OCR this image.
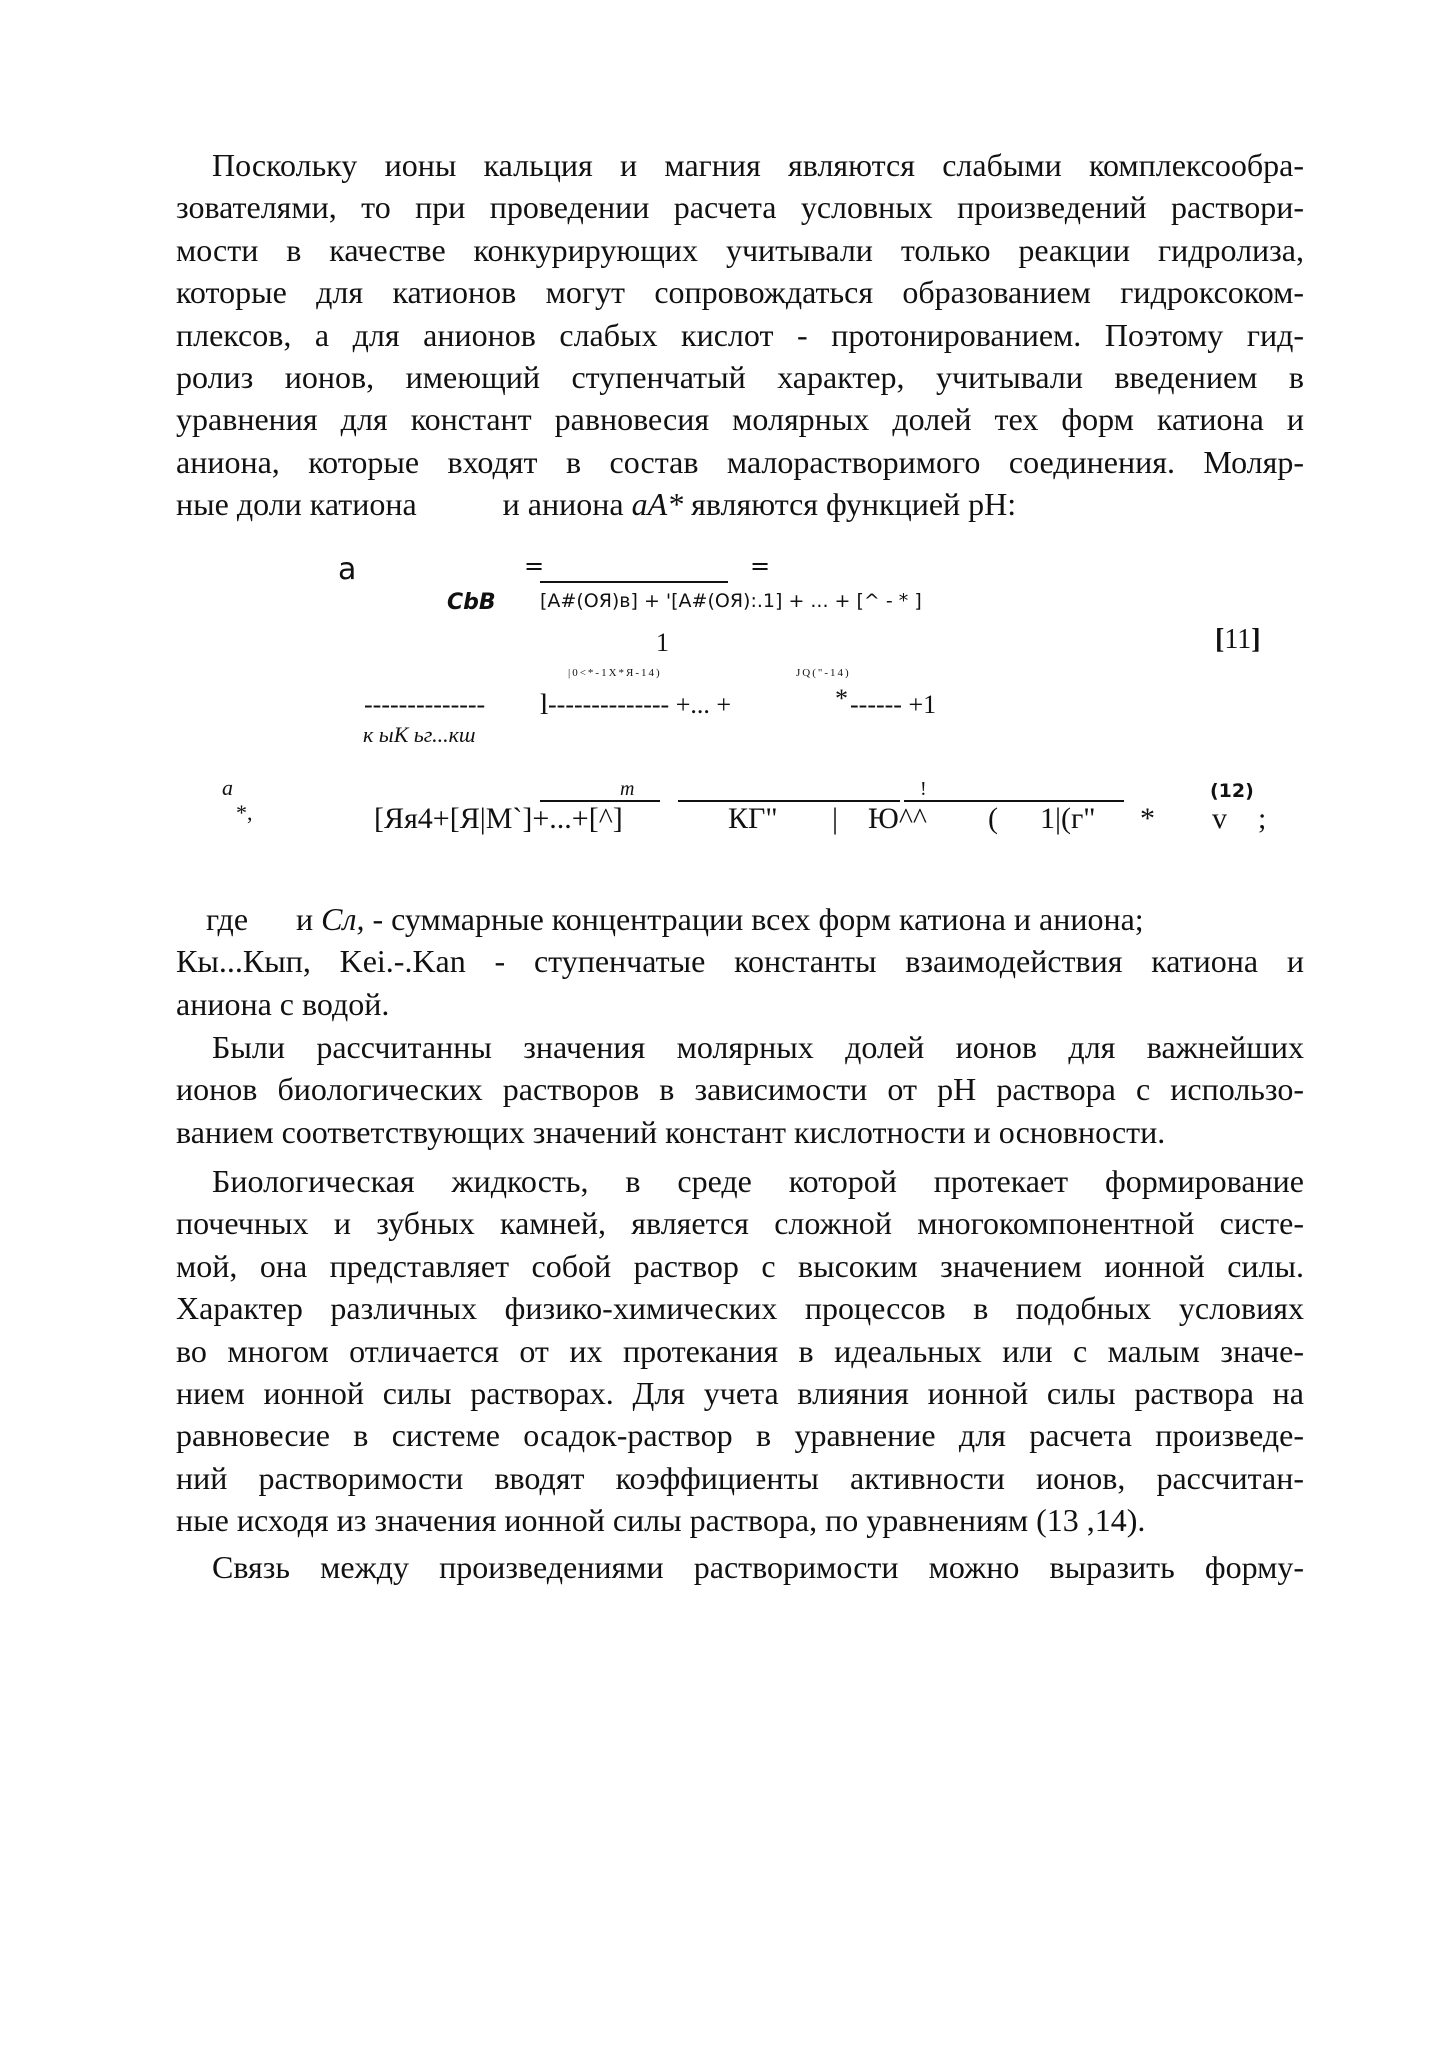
Поскольку ионы кальция и магния являются слабыми комплексообра-
зователями, то при проведении расчета условных произведений раствори-
мости в качестве конкурирующих учитывали только реакции гидролиза,
которые для катионов могут сопровождаться образованием гидроксоком-
плексов, а для анионов слабых кислот - протонированием. Поэтому гид-
ролиз ионов, имеющий ступенчатый характер, учитывали введением в
уравнения для констант равновесия молярных долей тех форм катиона и
аниона, которые входят в состав малорастворимого соединения. Моляр-
ные доли катиона	и аниона aA* являются функцией pH:
a	=	=
CbB [A#(OЯ)в] + '[A#(OЯ):.1] + ... + [^ - * ]
1	[11]
|0<*-1X*Я-14)	JQ("-14)
-------------- l -------------- +... +	* ------ +1
к ыК ьг...кш
a
*,
m	!	(12)
[Яя4+[Я|М`]+...+[^]	КГ" | Ю^^ ( 1|(г" * v ;
где и Сл, - суммарные концентрации всех форм катиона и аниона;
Кы...Кып, Kei.-.Kan - ступенчатые константы взаимодействия катиона и
аниона с водой.
Были рассчитанны значения молярных долей ионов для важнейших
ионов биологических растворов в зависимости от pH раствора с использо-
ванием соответствующих значений констант кислотности и основности.
Биологическая жидкость, в среде которой протекает формирование
почечных и зубных камней, является сложной многокомпонентной систе-
мой, она представляет собой раствор с высоким значением ионной силы.
Характер различных физико-химических процессов в подобных условиях
во многом отличается от их протекания в идеальных или с малым значе-
нием ионной силы растворах. Для учета влияния ионной силы раствора на
равновесие в системе осадок-раствор в уравнение для расчета произведе-
ний растворимости вводят коэффициенты активности ионов, рассчитан-
ные исходя из значения ионной силы раствора, по уравнениям (13 ,14).
Связь между произведениями растворимости можно выразить форму-
